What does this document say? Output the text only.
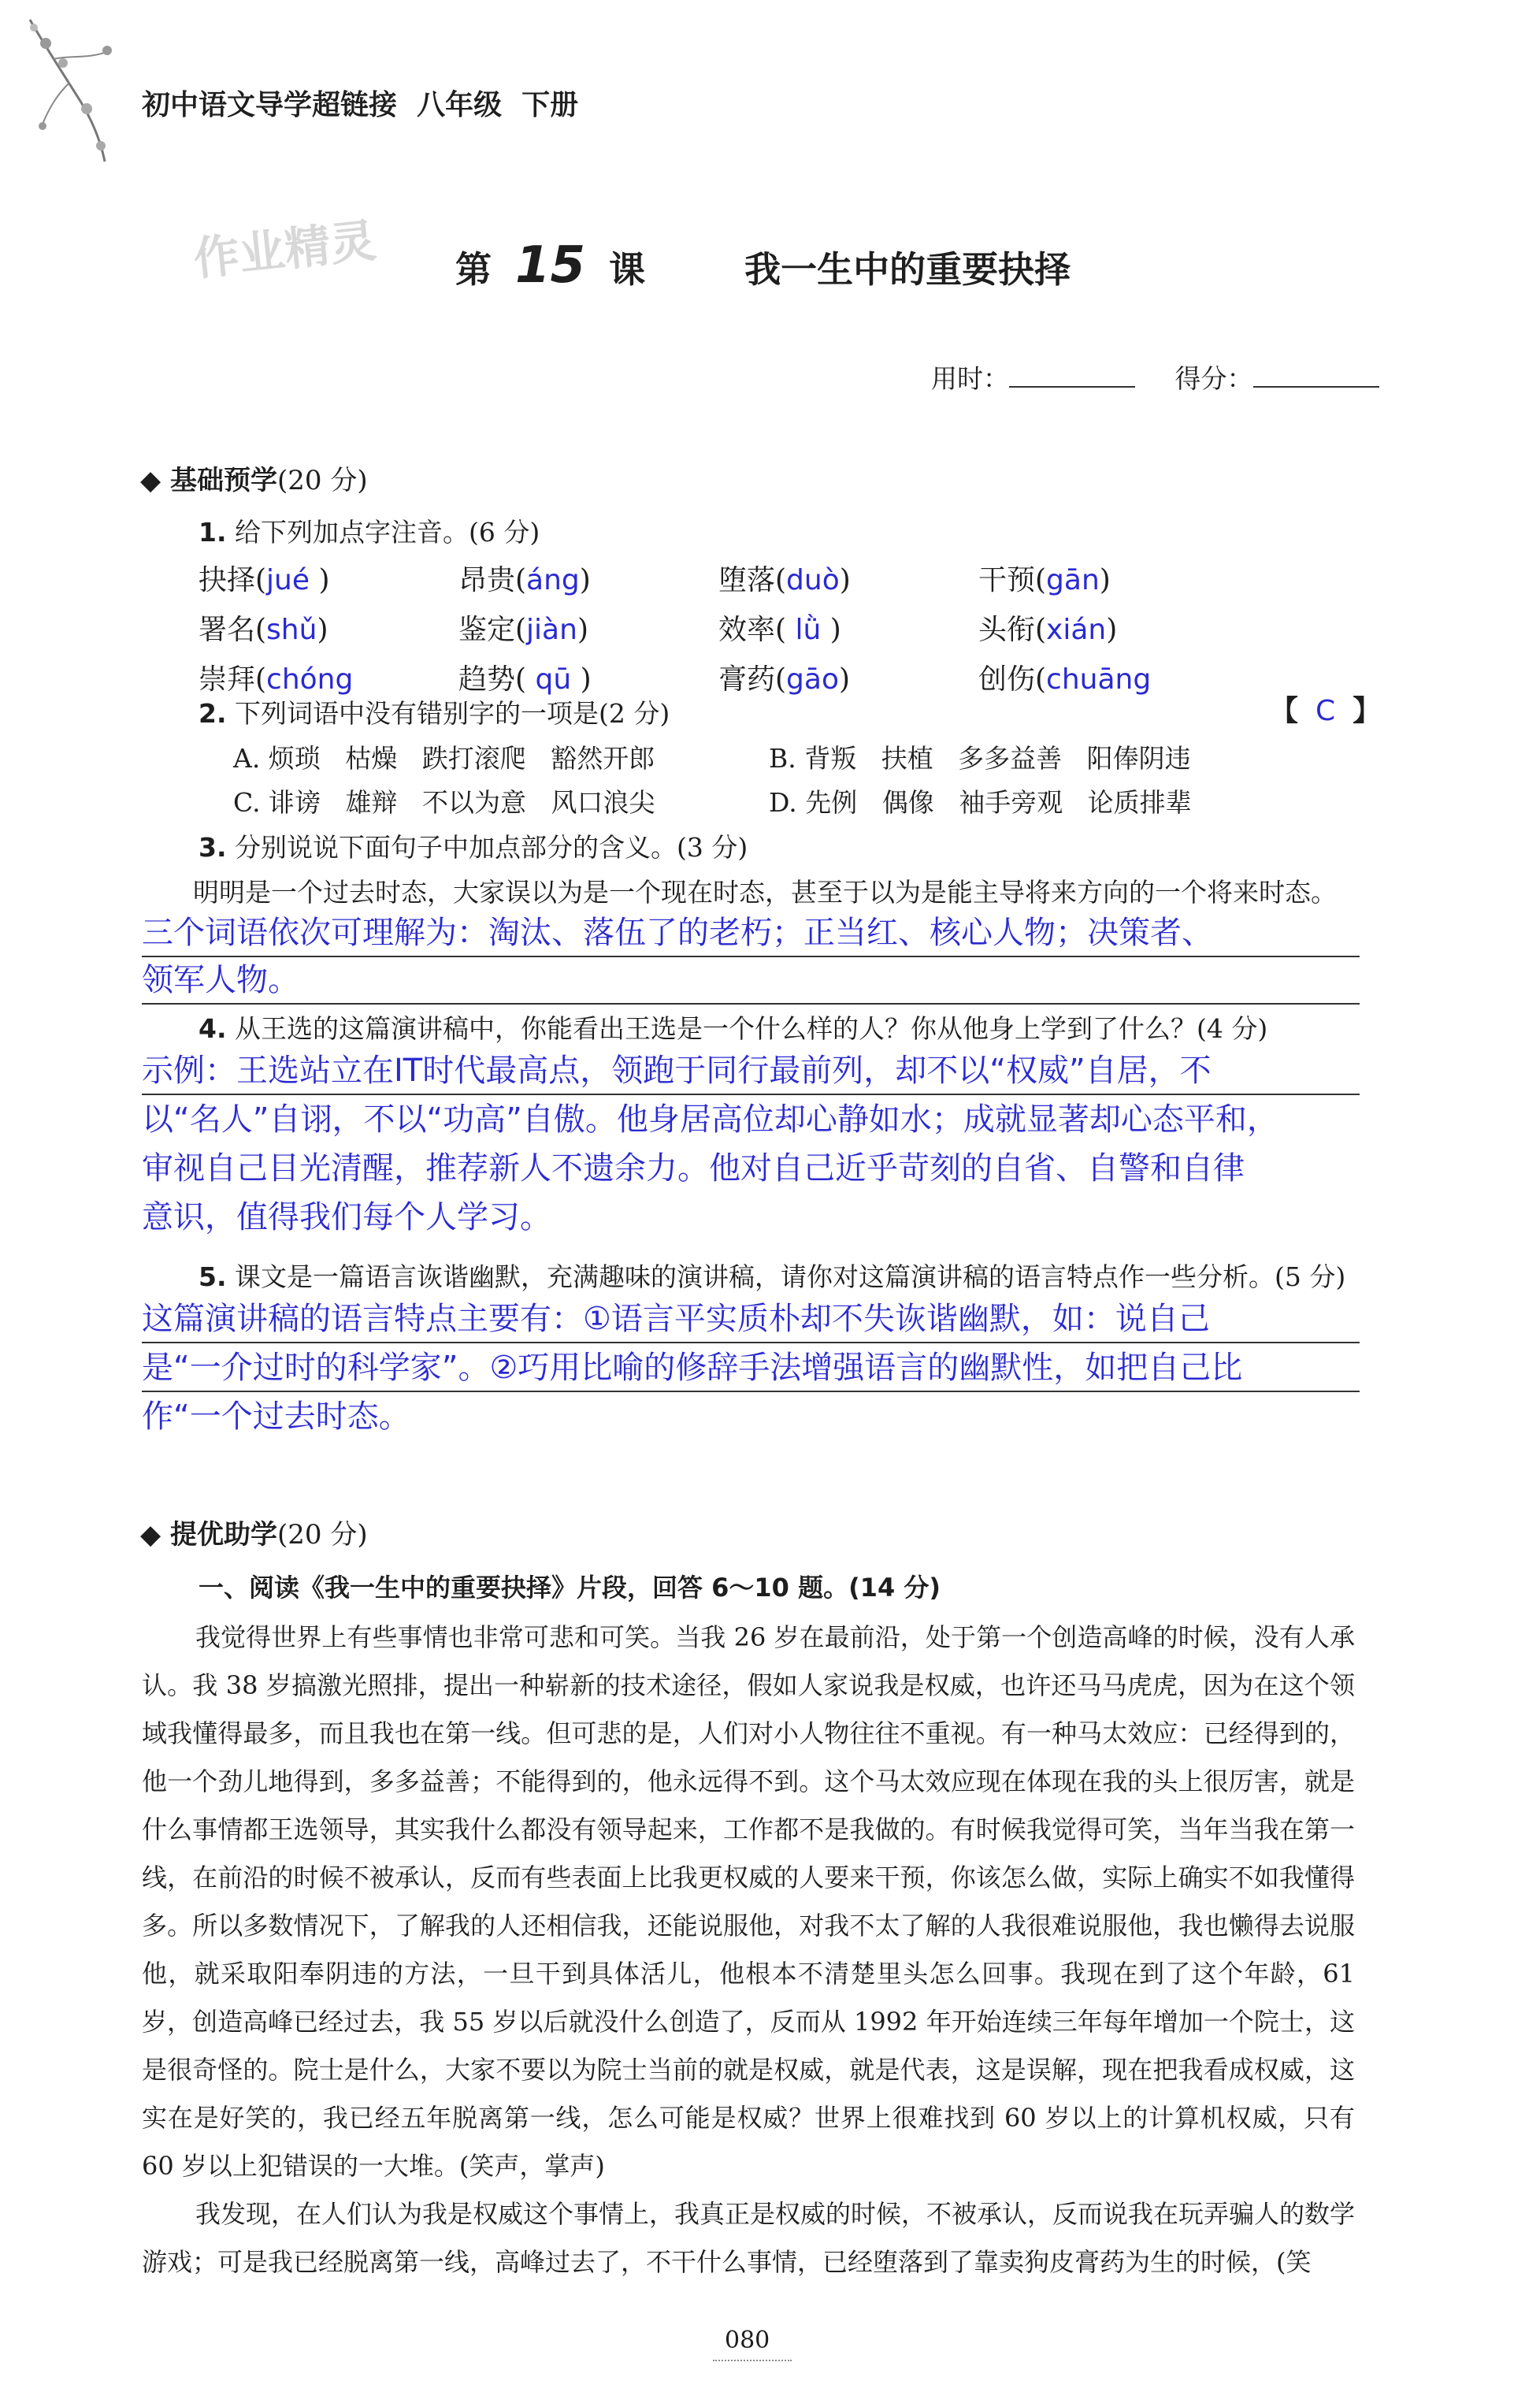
初中语文导学超链接  八年级  下册
作业精灵 第 15 课	我一生中的重要抉择
用时：	得分：
◆ 基础预学(20 分)
1. 给下列加点字注音。(6 分)
抉择(jué )	昂贵(áng)	堕落(duò)	干预(gān)
署名(shǔ)	鉴定(jiàn)	效率( lǜ )	头衔(xián)
崇拜(chóng	趋势( qū )	膏药(gāo)	创伤(chuāng
2. 下列词语中没有错别字的一项是(2 分)	【 C 】
A. 烦琐   枯燥   跌打滚爬   豁然开郎	B. 背叛   扶植   多多益善   阳俸阴违
C. 诽谤   雄辩   不以为意   风口浪尖	D. 先例   偶像   袖手旁观   论质排辈
3. 分别说说下面句子中加点部分的含义。(3 分)
明明是一个过去时态，大家误以为是一个现在时态，甚至于以为是能主导将来方向的一个将来时态。
三个词语依次可理解为：淘汰、落伍了的老朽；正当红、核心人物；决策者、
领军人物。
4. 从王选的这篇演讲稿中，你能看出王选是一个什么样的人？你从他身上学到了什么？(4 分)
示例：王选站立在IT时代最高点，领跑于同行最前列，却不以“权威”自居，不
以“名人”自诩，不以“功高”自傲。他身居高位却心静如水；成就显著却心态平和，
审视自己目光清醒，推荐新人不遗余力。他对自己近乎苛刻的自省、自警和自律
意识，值得我们每个人学习。
5. 课文是一篇语言诙谐幽默，充满趣味的演讲稿，请你对这篇演讲稿的语言特点作一些分析。(5 分)
这篇演讲稿的语言特点主要有：①语言平实质朴却不失诙谐幽默，如：说自己
是“一介过时的科学家”。②巧用比喻的修辞手法增强语言的幽默性，如把自己比
作“一个过去时态。
◆ 提优助学(20 分)
一、阅读《我一生中的重要抉择》片段，回答 6～10 题。(14 分)

我觉得世界上有些事情也非常可悲和可笑。当我 26 岁在最前沿，处于第一个创造高峰的时候，没有人承认。我 38 岁搞激光照排，提出一种崭新的技术途径，假如人家说我是权威，也许还马马虎虎，因为在这个领域我懂得最多，而且我也在第一线。但可悲的是，人们对小人物往往不重视。有一种马太效应：已经得到的，他一个劲儿地得到，多多益善；不能得到的，他永远得不到。这个马太效应现在体现在我的头上很厉害，就是什么事情都王选领导，其实我什么都没有领导起来，工作都不是我做的。有时候我觉得可笑，当年当我在第一线，在前沿的时候不被承认，反而有些表面上比我更权威的人要来干预，你该怎么做，实际上确实不如我懂得多。所以多数情况下，了解我的人还相信我，还能说服他，对我不太了解的人我很难说服他，我也懒得去说服他，就采取阳奉阴违的方法，一旦干到具体活儿，他根本不清楚里头怎么回事。我现在到了这个年龄，61 岁，创造高峰已经过去，我 55 岁以后就没什么创造了，反而从 1992 年开始连续三年每年增加一个院士，这是很奇怪的。院士是什么，大家不要以为院士当前的就是权威，就是代表，这是误解，现在把我看成权威，这实在是好笑的，我已经五年脱离第一线，怎么可能是权威？世界上很难找到 60 岁以上的计算机权威，只有 60 岁以上犯错误的一大堆。(笑声，掌声)

我发现，在人们认为我是权威这个事情上，我真正是权威的时候，不被承认，反而说我在玩弄骗人的数学游戏；可是我已经脱离第一线，高峰过去了，不干什么事情，已经堕落到了靠卖狗皮膏药为生的时候，(笑

080
